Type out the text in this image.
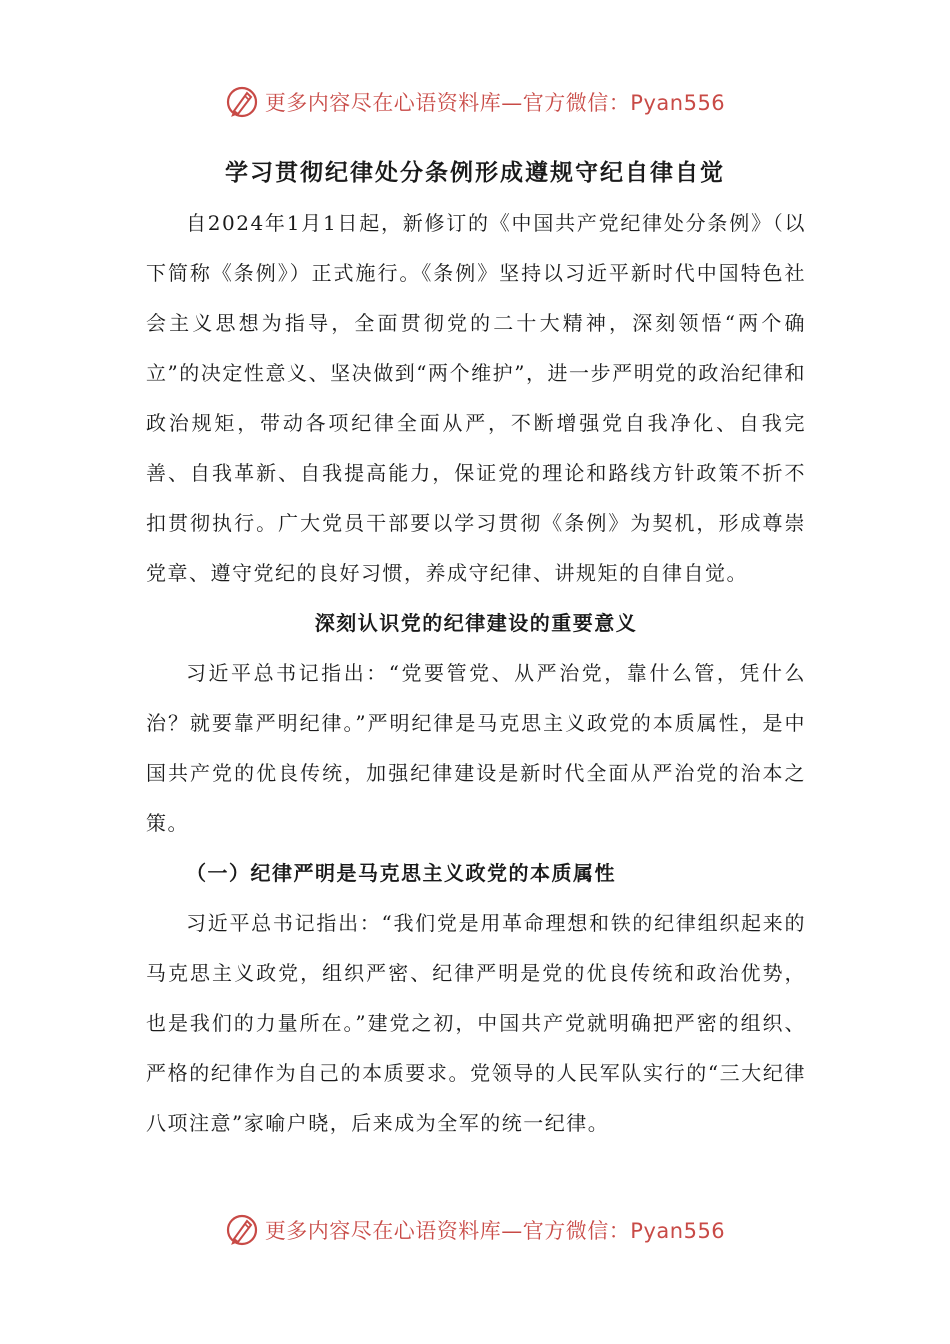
更多内容尽在心语资料库—官方微信：Pyan556
学习贯彻纪律处分条例形成遵规守纪自律自觉

自2024年1月1日起，新修订的《中国共产党纪律处分条例》（以下简称《条例》）正式施行。《条例》坚持以习近平新时代中国特色社会主义思想为指导，全面贯彻党的二十大精神，深刻领悟“两个确立”的决定性意义、坚决做到“两个维护”，进一步严明党的政治纪律和政治规矩，带动各项纪律全面从严，不断增强党自我净化、自我完善、自我革新、自我提高能力，保证党的理论和路线方针政策不折不扣贯彻执行。广大党员干部要以学习贯彻《条例》为契机，形成尊崇党章、遵守党纪的良好习惯，养成守纪律、讲规矩的自律自觉。

深刻认识党的纪律建设的重要意义

习近平总书记指出：“党要管党、从严治党，靠什么管，凭什么治？就要靠严明纪律。”严明纪律是马克思主义政党的本质属性，是中国共产党的优良传统，加强纪律建设是新时代全面从严治党的治本之策。

（一）纪律严明是马克思主义政党的本质属性

习近平总书记指出：“我们党是用革命理想和铁的纪律组织起来的马克思主义政党，组织严密、纪律严明是党的优良传统和政治优势，也是我们的力量所在。”建党之初，中国共产党就明确把严密的组织、严格的纪律作为自己的本质要求。党领导的人民军队实行的“三大纪律八项注意”家喻户晓，后来成为全军的统一纪律。

更多内容尽在心语资料库—官方微信：Pyan556
